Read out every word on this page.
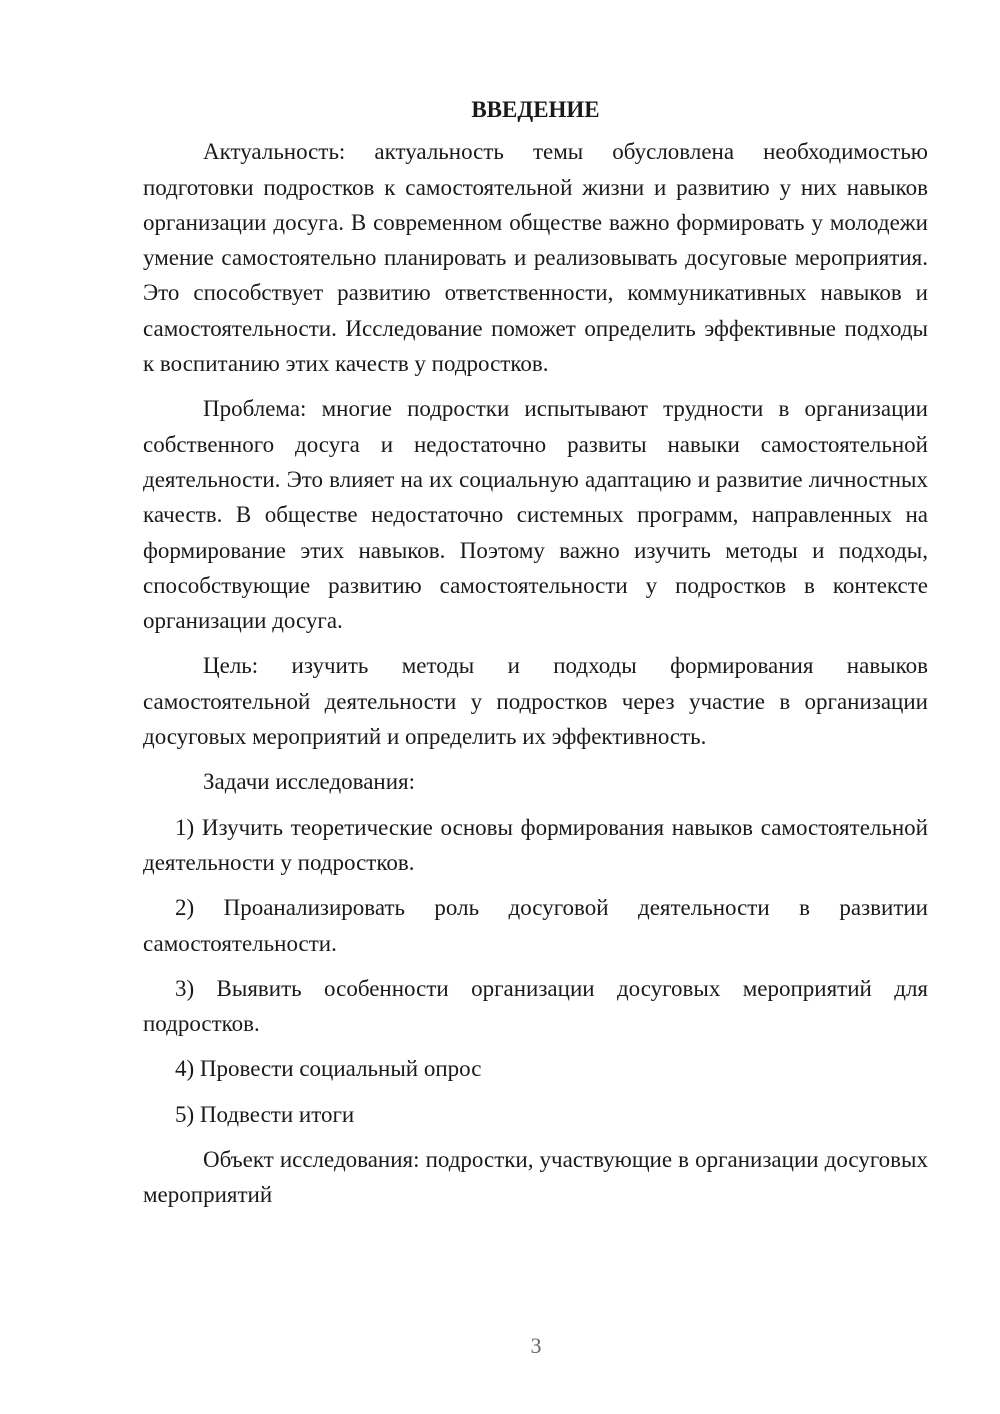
ВВЕДЕНИЕ

Актуальность: актуальность темы обусловлена необходимостью подготовки подростков к самостоятельной жизни и развитию у них навыков организации досуга. В современном обществе важно формировать у молодежи умение самостоятельно планировать и реализовывать досуговые мероприятия. Это способствует развитию ответственности, коммуникативных навыков и самостоятельности. Исследование поможет определить эффективные подходы к воспитанию этих качеств у подростков.

Проблема: многие подростки испытывают трудности в организации собственного досуга и недостаточно развиты навыки самостоятельной деятельности. Это влияет на их социальную адаптацию и развитие личностных качеств. В обществе недостаточно системных программ, направленных на формирование этих навыков. Поэтому важно изучить методы и подходы, способствующие развитию самостоятельности у подростков в контексте организации досуга.

Цель: изучить методы и подходы формирования навыков самостоятельной деятельности у подростков через участие в организации досуговых мероприятий и определить их эффективность.

Задачи исследования:

1) Изучить теоретические основы формирования навыков самостоятельной деятельности у подростков.

2) Проанализировать роль досуговой деятельности в развитии самостоятельности.

3) Выявить особенности организации досуговых мероприятий для подростков.

4) Провести социальный опрос

5) Подвести итоги

Объект исследования: подростки, участвующие в организации досуговых мероприятий

3
